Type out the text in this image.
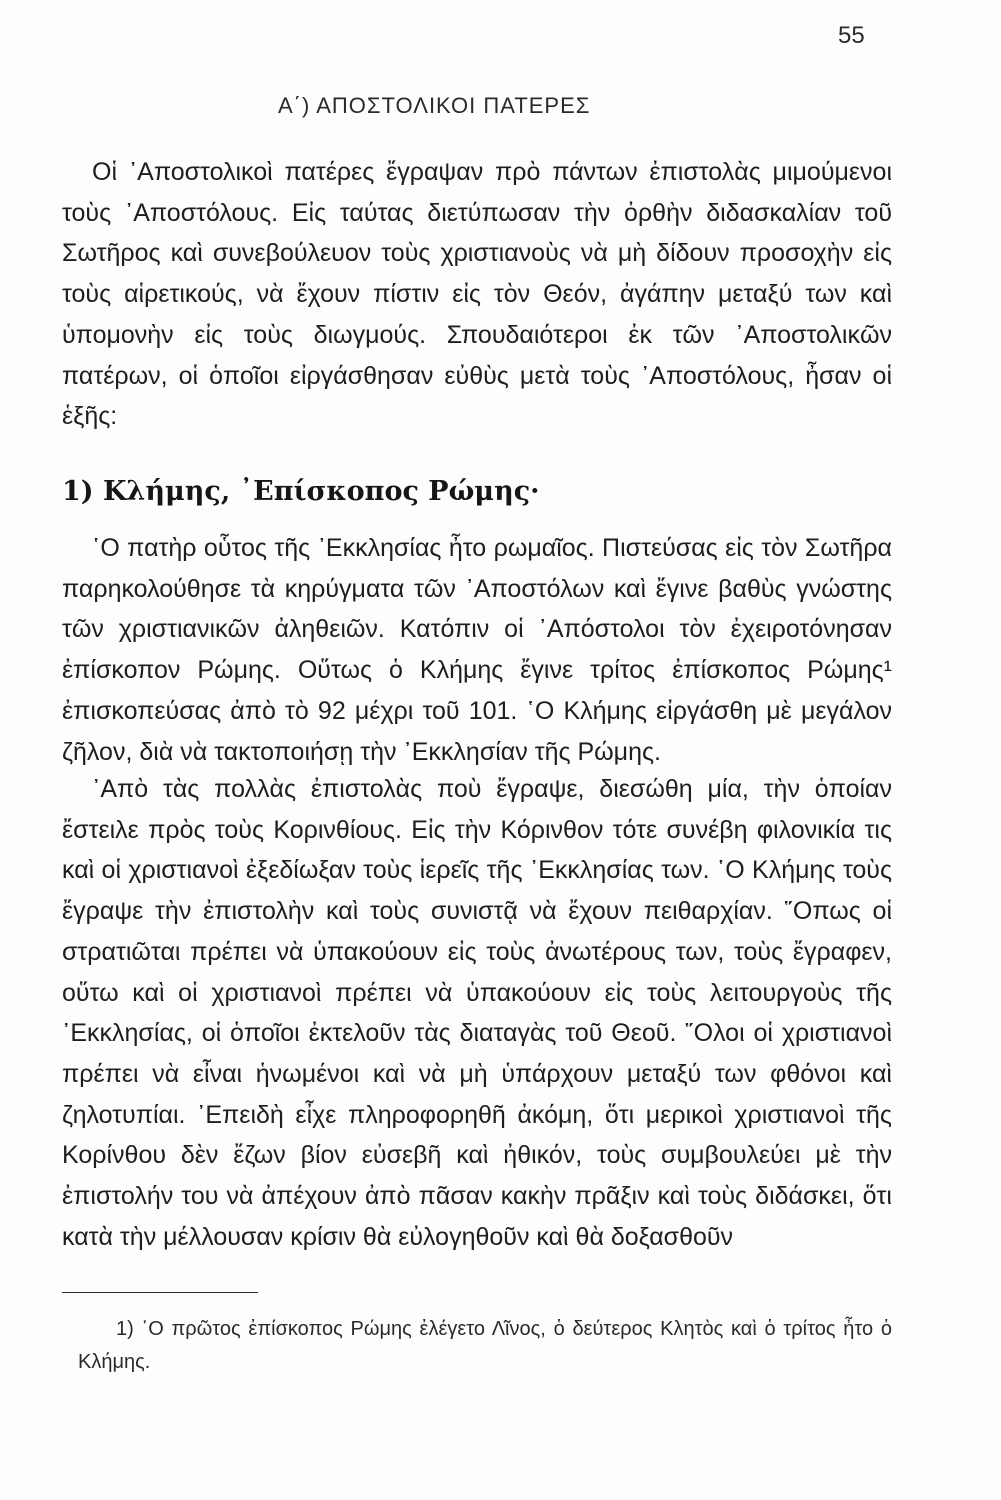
55
Α΄) ΑΠΟΣΤΟΛΙΚΟΙ ΠΑΤΕΡΕΣ

Οἱ ᾿Αποστολικοὶ πατέρες ἔγραψαν πρὸ πάντων ἐπιστολὰς μιμούμενοι τοὺς ᾿Αποστόλους. Εἰς ταύτας διετύπωσαν τὴν ὀρθὴν διδασκαλίαν τοῦ Σωτῆρος καὶ συνεβούλευον τοὺς χριστιανοὺς νὰ μὴ δίδουν προσοχὴν εἰς τοὺς αἱρετικούς, νὰ ἔχουν πίστιν εἰς τὸν Θεόν, ἀγάπην μεταξύ των καὶ ὑπομονὴν εἰς τοὺς διωγμούς. Σπουδαιότεροι ἐκ τῶν ᾿Αποστολικῶν πατέρων, οἱ ὁποῖοι εἰργάσθησαν εὐθὺς μετὰ τοὺς ᾿Αποστόλους, ἦσαν οἱ ἑξῆς:

1) Κλήμης, ᾿Επίσκοπος Ρώμης·

῾Ο πατὴρ οὗτος τῆς ᾿Εκκλησίας ἦτο ρωμαῖος. Πιστεύσας εἰς τὸν Σωτῆρα παρηκολούθησε τὰ κηρύγματα τῶν ᾿Αποστόλων καὶ ἔγινε βαθὺς γνώστης τῶν χριστιανικῶν ἀληθειῶν. Κατόπιν οἱ ᾿Απόστολοι τὸν ἐχειροτόνησαν ἐπίσκοπον Ρώμης. Οὕτως ὁ Κλήμης ἔγινε τρίτος ἐπίσκοπος Ρώμης¹ ἐπισκοπεύσας ἀπὸ τὸ 92 μέχρι τοῦ 101. ῾Ο Κλήμης εἰργάσθη μὲ μεγάλον ζῆλον, διὰ νὰ τακτοποιήσῃ τὴν ᾿Εκκλησίαν τῆς Ρώμης.

᾿Απὸ τὰς πολλὰς ἐπιστολὰς ποὺ ἔγραψε, διεσώθη μία, τὴν ὁποίαν ἔστειλε πρὸς τοὺς Κορινθίους. Εἰς τὴν Κόρινθον τότε συνέβη φιλονικία τις καὶ οἱ χριστιανοὶ ἐξεδίωξαν τοὺς ἱερεῖς τῆς ᾿Εκκλησίας των. ῾Ο Κλήμης τοὺς ἔγραψε τὴν ἐπιστολὴν καὶ τοὺς συνιστᾷ νὰ ἔχουν πειθαρχίαν. ῞Οπως οἱ στρατιῶται πρέπει νὰ ὑπακούουν εἰς τοὺς ἀνωτέρους των, τοὺς ἔγραφεν, οὕτω καὶ οἱ χριστιανοὶ πρέπει νὰ ὑπακούουν εἰς τοὺς λειτουργοὺς τῆς ᾿Εκκλησίας, οἱ ὁποῖοι ἐκτελοῦν τὰς διαταγὰς τοῦ Θεοῦ. ῞Ολοι οἱ χριστιανοὶ πρέπει νὰ εἶναι ἡνωμένοι καὶ νὰ μὴ ὑπάρχουν μεταξύ των φθόνοι καὶ ζηλοτυπίαι. ᾿Επειδὴ εἶχε πληροφορηθῆ ἀκόμη, ὅτι μερικοὶ χριστιανοὶ τῆς Κορίνθου δὲν ἔζων βίον εὐσεβῆ καὶ ἠθικόν, τοὺς συμβουλεύει μὲ τὴν ἐπιστολήν του νὰ ἀπέχουν ἀπὸ πᾶσαν κακὴν πρᾶξιν καὶ τοὺς διδάσκει, ὅτι κατὰ τὴν μέλλουσαν κρίσιν θὰ εὐλογηθοῦν καὶ θὰ δοξασθοῦν

1) ῾Ο πρῶτος ἐπίσκοπος Ρώμης ἐλέγετο Λῖνος, ὁ δεύτερος Κλητὸς καὶ ὁ τρίτος ἦτο ὁ Κλήμης.
